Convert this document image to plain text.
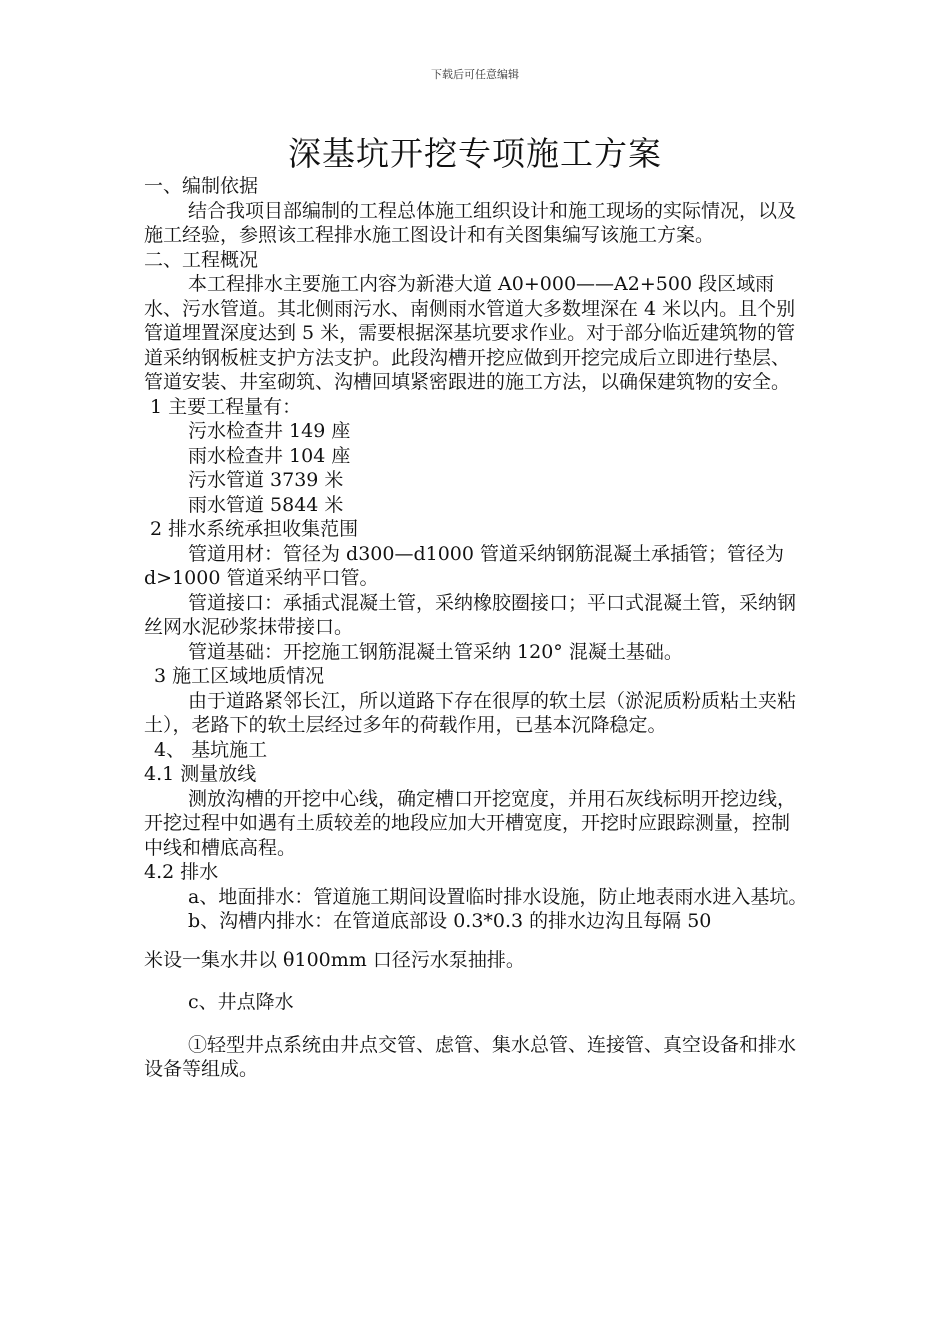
下载后可任意编辑
深基坑开挖专项施工方案

一、编制依据

结合我项目部编制的工程总体施工组织设计和施工现场的实际情况，以及施工经验，参照该工程排水施工图设计和有关图集编写该施工方案。

二、工程概况

本工程排水主要施工内容为新港大道 A0+000——A2+500 段区域雨水、污水管道。其北侧雨污水、南侧雨水管道大多数埋深在 4 米以内。且个别管道埋置深度达到 5 米，需要根据深基坑要求作业。对于部分临近建筑物的管道采纳钢板桩支护方法支护。此段沟槽开挖应做到开挖完成后立即进行垫层、管道安装、井室砌筑、沟槽回填紧密跟进的施工方法，以确保建筑物的安全。

1 主要工程量有：

污水检查井 149 座

雨水检查井 104 座

污水管道 3739 米

雨水管道 5844 米

2 排水系统承担收集范围

管道用材：管径为 d300—d1000 管道采纳钢筋混凝土承插管；管径为 d>1000 管道采纳平口管。

管道接口：承插式混凝土管，采纳橡胶圈接口；平口式混凝土管，采纳钢丝网水泥砂浆抹带接口。

管道基础：开挖施工钢筋混凝土管采纳 120° 混凝土基础。

3 施工区域地质情况

由于道路紧邻长江，所以道路下存在很厚的软土层（淤泥质粉质粘土夹粘土），老路下的软土层经过多年的荷载作用，已基本沉降稳定。

4、 基坑施工

4.1 测量放线

测放沟槽的开挖中心线，确定槽口开挖宽度，并用石灰线标明开挖边线，开挖过程中如遇有土质较差的地段应加大开槽宽度，开挖时应跟踪测量，控制中线和槽底高程。

4.2 排水

a、地面排水：管道施工期间设置临时排水设施，防止地表雨水进入基坑。

b、沟槽内排水：在管道底部设 0.3*0.3 的排水边沟且每隔 50

米设一集水井以 θ100mm 口径污水泵抽排。

c、井点降水

①轻型井点系统由井点交管、虑管、集水总管、连接管、真空设备和排水设备等组成。
